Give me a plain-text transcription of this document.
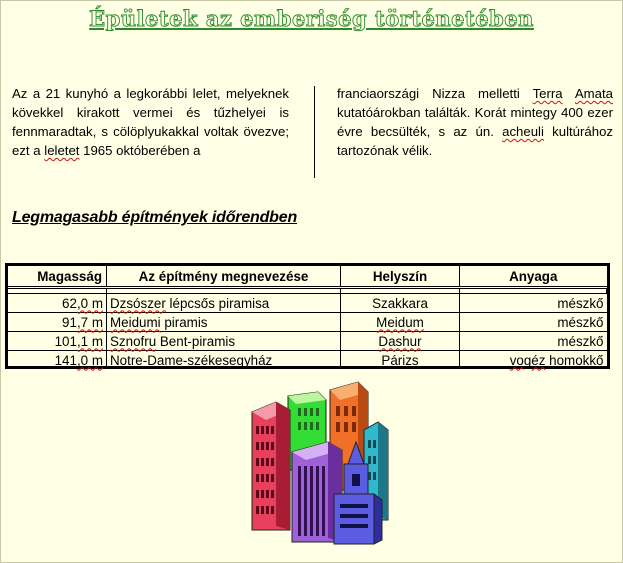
Épületek az emberiség történetében
Az a 21 kunyhó a legkorábbi lelet, melyeknek kövekkel kirakott vermei és tűzhelyei is fennmaradtak, s cölöplyukakkal voltak övezve; ezt a leletet 1965 októberében a
franciaországi Nizza melletti Terra Amata kutatóárokban találták. Korát mintegy 400 ezer évre becsülték, s az ún. acheuli kultúrához tartozónak vélik.
Legmagasabb építmények időrendben
Magasság	Az építmény megnevezése	Helyszín	Anyaga

62,0 m	Dzsószer lépcsős piramisa	Szakkara	mészkő
91,7 m	Meidumi piramis	Meidum	mészkő
101,1 m	Sznofru Bent-piramis	Dashur	mészkő
141,0 m	Notre-Dame-székesegyház	Párizs	vogéz homokkő
